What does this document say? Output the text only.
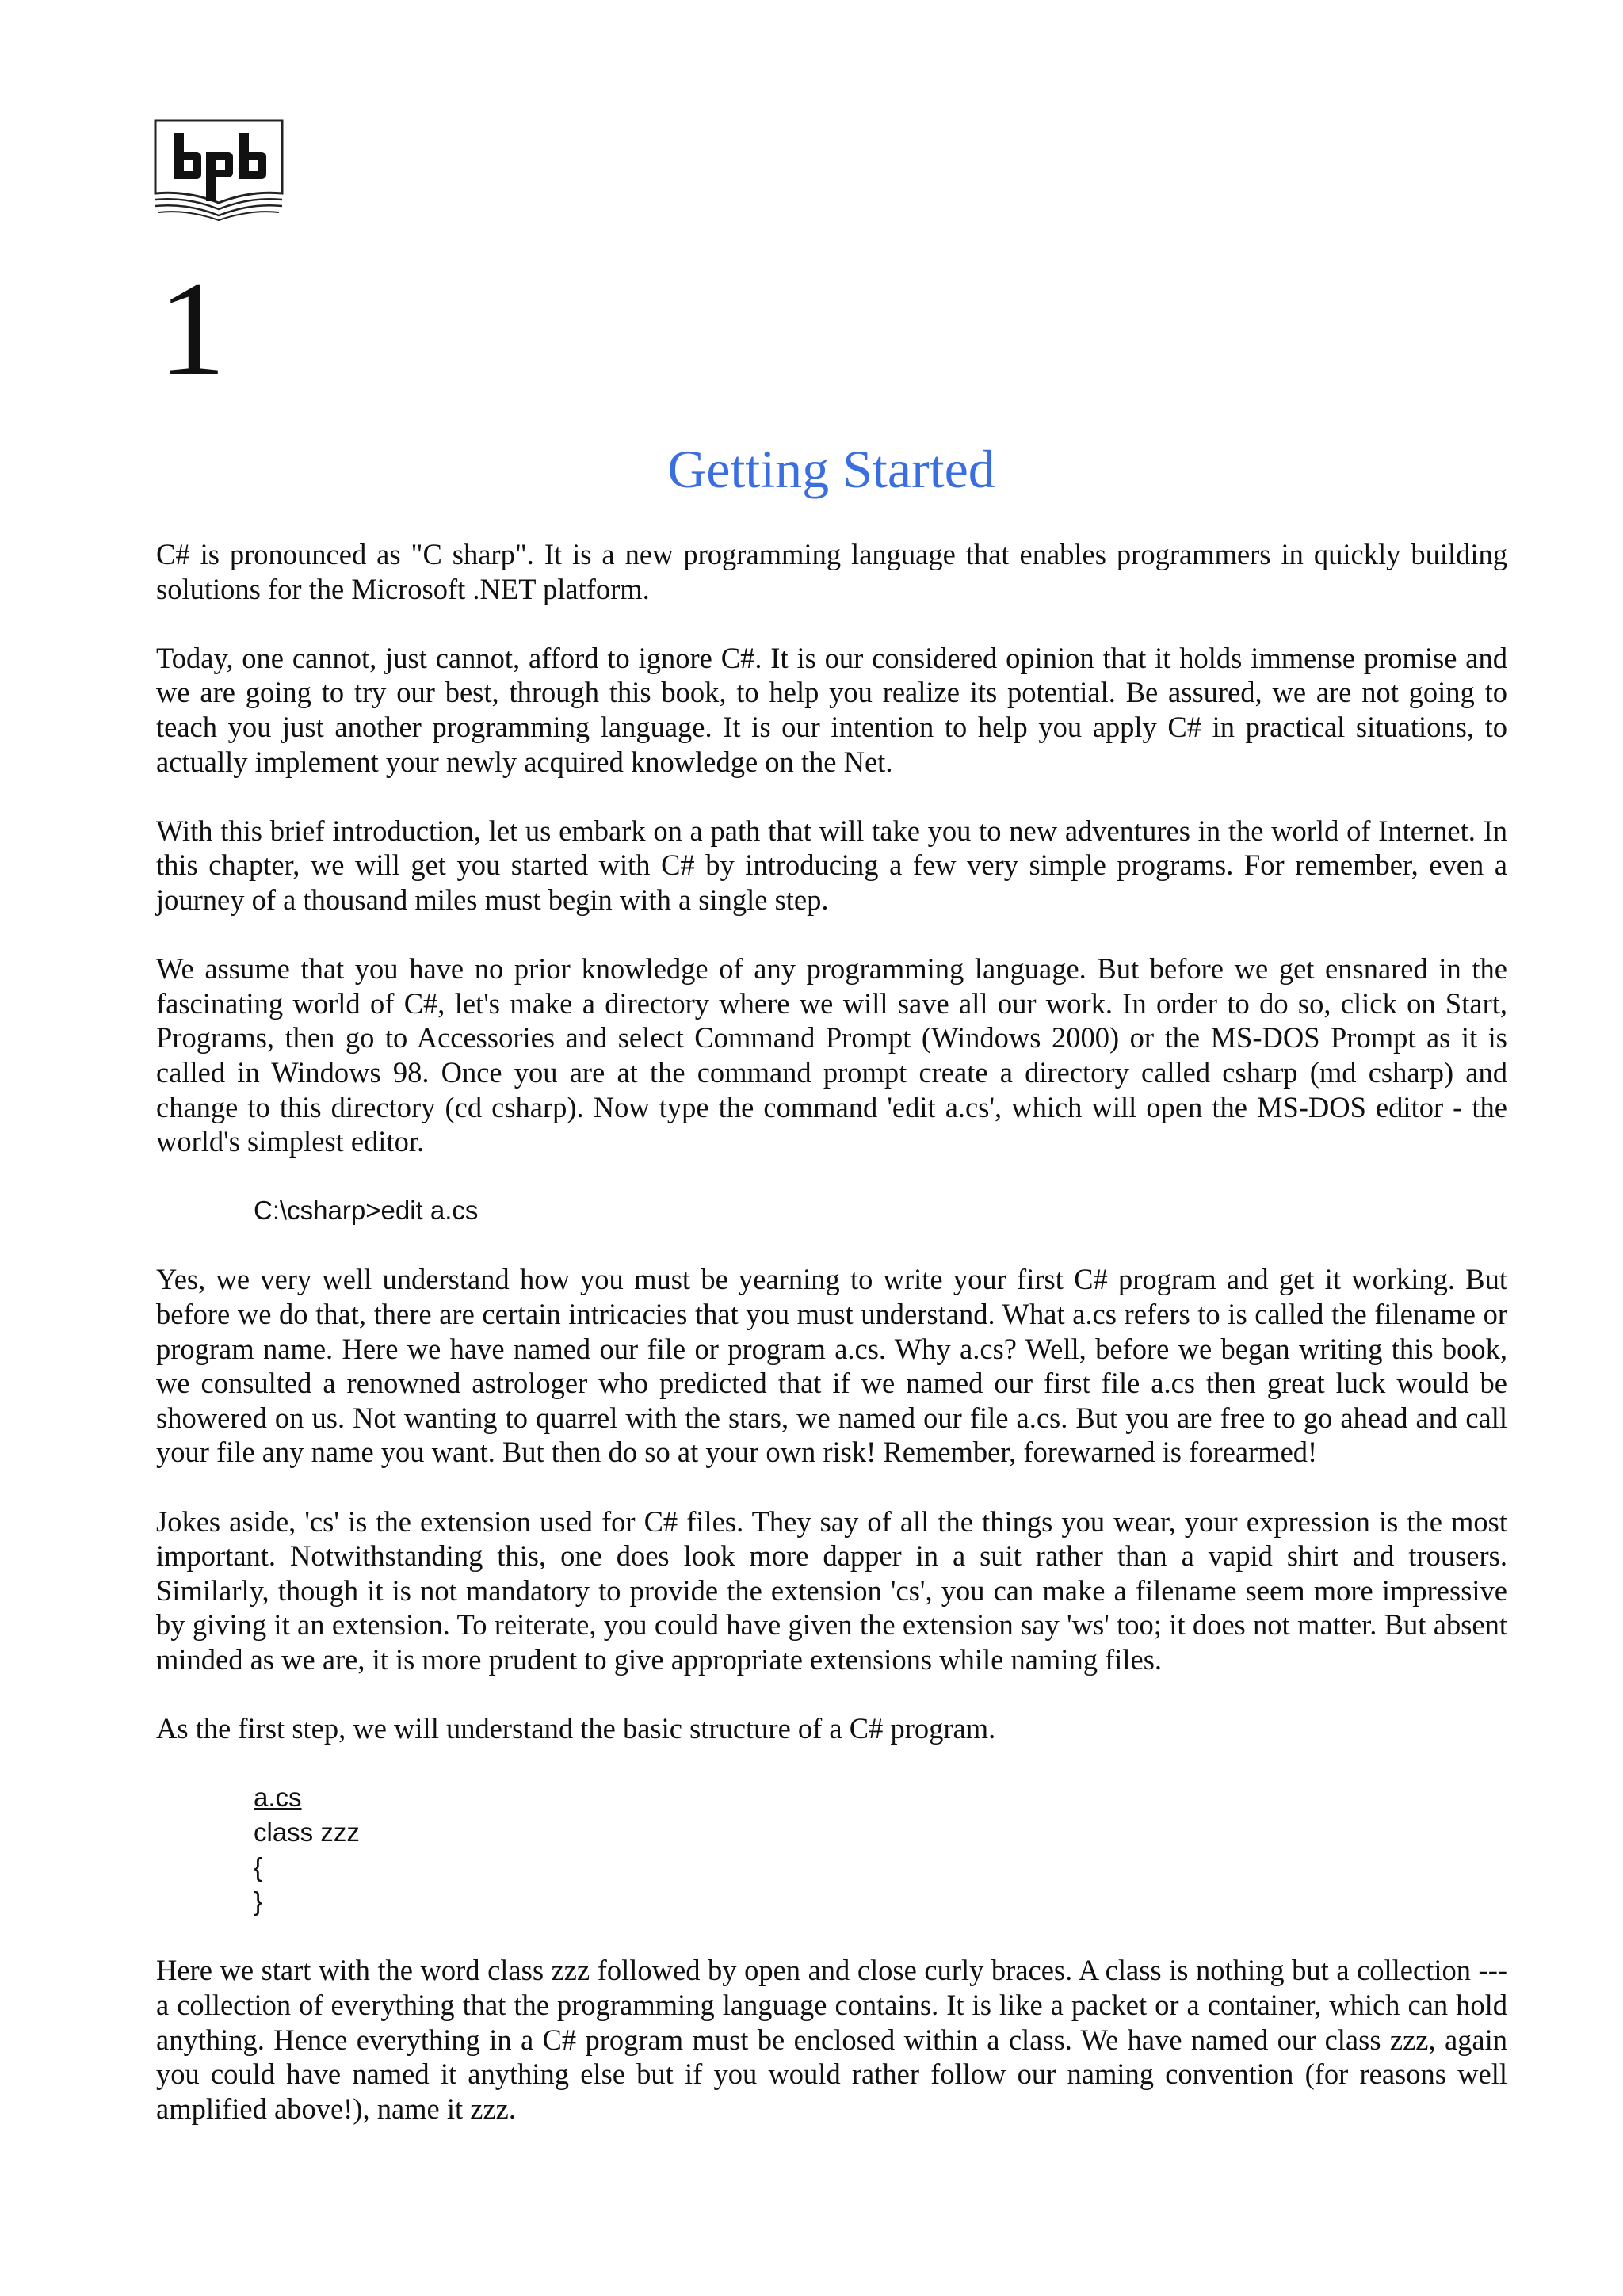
1
Getting Started

C# is pronounced as "C sharp". It is a new programming language that enables programmers in quickly building solutions for the Microsoft .NET platform.

Today, one cannot, just cannot, afford to ignore C#. It is our considered opinion that it holds immense promise and we are going to try our best, through this book, to help you realize its potential. Be assured, we are not going to teach you just another programming language. It is our intention to help you apply C# in practical situations, to actually implement your newly acquired knowledge on the Net.

With this brief introduction, let us embark on a path that will take you to new adventures in the world of Internet. In this chapter, we will get you started with C# by introducing a few very simple programs. For remember, even a journey of a thousand miles must begin with a single step.

We assume that you have no prior knowledge of any programming language. But before we get ensnared in the fascinating world of C#, let's make a directory where we will save all our work. In order to do so, click on Start, Programs, then go to Accessories and select Command Prompt (Windows 2000) or the MS-DOS Prompt as it is called in Windows 98. Once you are at the command prompt create a directory called csharp (md csharp) and change to this directory (cd csharp). Now type the command 'edit a.cs', which will open the MS-DOS editor - the world's simplest editor.

C:\csharp>edit a.cs

Yes, we very well understand how you must be yearning to write your first C# program and get it working. But before we do that, there are certain intricacies that you must understand. What a.cs refers to is called the filename or program name. Here we have named our file or program a.cs. Why a.cs? Well, before we began writing this book, we consulted a renowned astrologer who predicted that if we named our first file a.cs then great luck would be showered on us. Not wanting to quarrel with the stars, we named our file a.cs. But you are free to go ahead and call your file any name you want. But then do so at your own risk! Remember, forewarned is forearmed!

Jokes aside, 'cs' is the extension used for C# files. They say of all the things you wear, your expression is the most important. Notwithstanding this, one does look more dapper in a suit rather than a vapid shirt and trousers. Similarly, though it is not mandatory to provide the extension 'cs', you can make a filename seem more impressive by giving it an extension. To reiterate, you could have given the extension say 'ws' too; it does not matter. But absent minded as we are, it is more prudent to give appropriate extensions while naming files.

As the first step, we will understand the basic structure of a C# program.

a.cs
class zzz
{
}

Here we start with the word class zzz followed by open and close curly braces. A class is nothing but a collection --- a collection of everything that the programming language contains. It is like a packet or a container, which can hold anything. Hence everything in a C# program must be enclosed within a class. We have named our class zzz, again you could have named it anything else but if you would rather follow our naming convention (for reasons well amplified above!), name it zzz.
